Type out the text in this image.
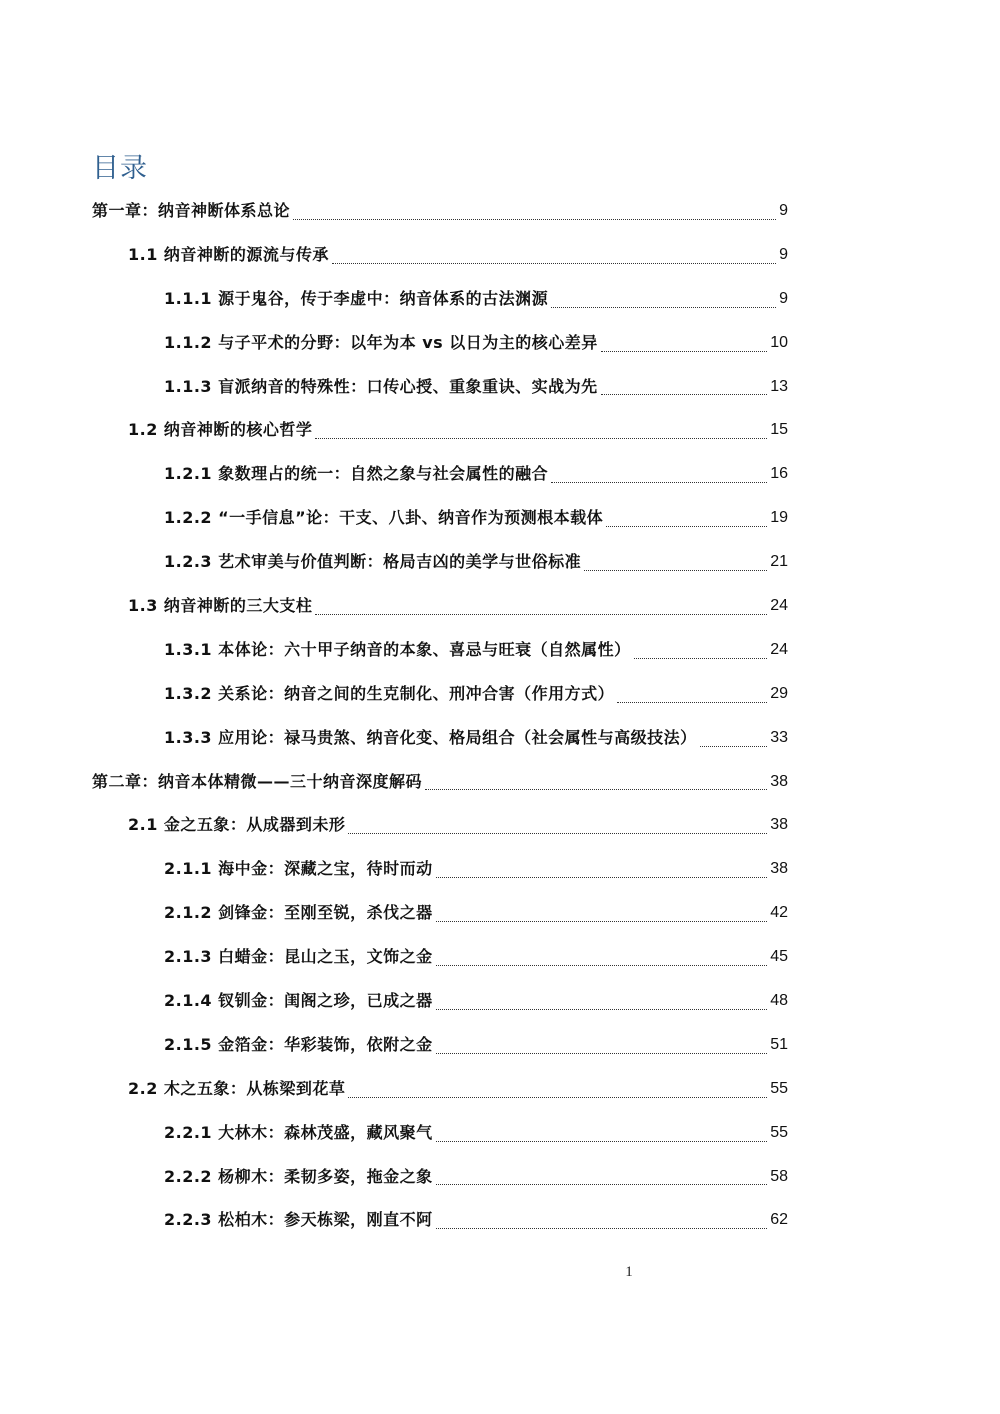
目录
第一章：纳音神断体系总论	9
1.1 纳音神断的源流与传承	9
1.1.1 源于鬼谷，传于李虚中：纳音体系的古法渊源	9
1.1.2 与子平术的分野：以年为本 vs 以日为主的核心差异	10
1.1.3 盲派纳音的特殊性：口传心授、重象重诀、实战为先	13
1.2 纳音神断的核心哲学	15
1.2.1 象数理占的统一：自然之象与社会属性的融合	16
1.2.2 “一手信息”论：干支、八卦、纳音作为预测根本载体	19
1.2.3 艺术审美与价值判断：格局吉凶的美学与世俗标准	21
1.3 纳音神断的三大支柱	24
1.3.1 本体论：六十甲子纳音的本象、喜忌与旺衰（自然属性）	24
1.3.2 关系论：纳音之间的生克制化、刑冲合害（作用方式）	29
1.3.3 应用论：禄马贵煞、纳音化变、格局组合（社会属性与高级技法）	33
第二章：纳音本体精微——三十纳音深度解码	38
2.1 金之五象：从成器到未形	38
2.1.1 海中金：深藏之宝，待时而动	38
2.1.2 剑锋金：至刚至锐，杀伐之器	42
2.1.3 白蜡金：昆山之玉，文饰之金	45
2.1.4 钗钏金：闺阁之珍，已成之器	48
2.1.5 金箔金：华彩装饰，依附之金	51
2.2 木之五象：从栋梁到花草	55
2.2.1 大林木：森林茂盛，藏风聚气	55
2.2.2 杨柳木：柔韧多姿，拖金之象	58
2.2.3 松柏木：参天栋梁，刚直不阿	62
1
